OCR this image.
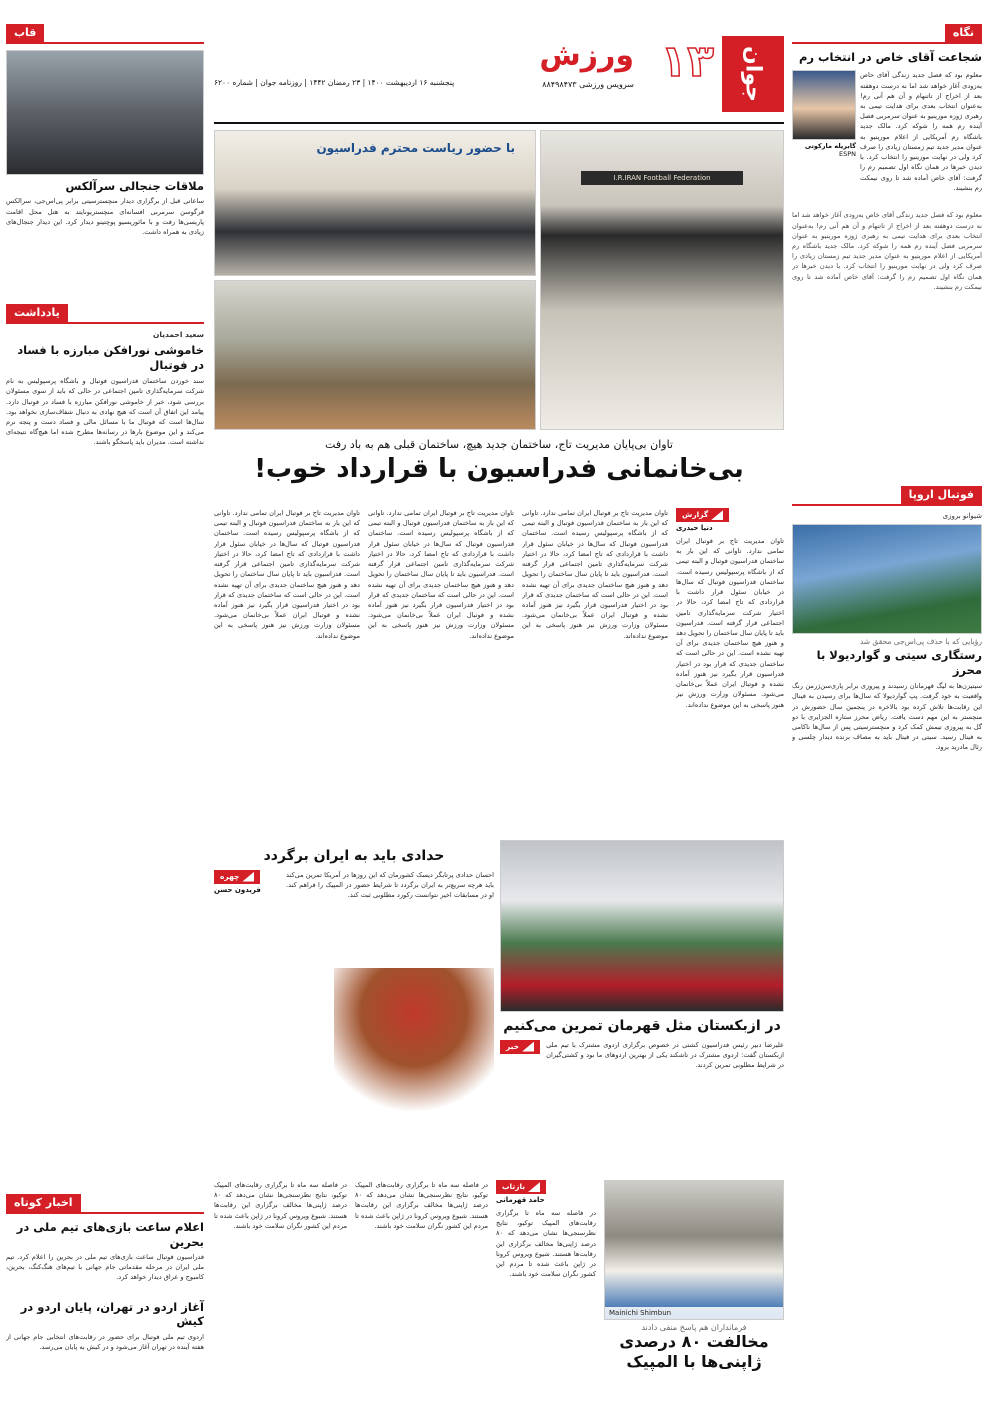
نگاه
شجاعت آقای خاص در انتخاب رم
معلوم بود که فصل جدید زندگی آقای خاص به‌زودی آغاز خواهد شد اما نه درست دوهفته بعد از اخراج از تاتنهام و آن هم آنی رم! به‌عنوان انتخاب بعدی برای هدایت تیمی به رهبری ژوزه مورینیو به عنوان سرمربی فصل آینده رم همه را شوکه کرد. مالک جدید باشگاه رم آمریکایی از اعلام مورینیو به عنوان مدیر جدید تیم زمستان زیادی را صرف کرد ولی در نهایت مورینیو را انتخاب کرد. با دیدن خبرها در همان نگاه اول تصمیم رم را گرفت: آقای خاص آماده شد تا روی نیمکت رم بنشیند.
گابریله مارکوتی
ESPN
معلوم بود که فصل جدید زندگی آقای خاص به‌زودی آغاز خواهد شد اما نه درست دوهفته بعد از اخراج از تاتنهام و آن هم آنی رم! به‌عنوان انتخاب بعدی برای هدایت تیمی به رهبری ژوزه مورینیو به عنوان سرمربی فصل آینده رم همه را شوکه کرد. مالک جدید باشگاه رم آمریکایی از اعلام مورینیو به عنوان مدیر جدید تیم زمستان زیادی را صرف کرد ولی در نهایت مورینیو را انتخاب کرد. با دیدن خبرها در همان نگاه اول تصمیم رم را گرفت: آقای خاص آماده شد تا روی نیمکت رم بنشیند.
فوتبال اروپا
شیوانو بروزی
رؤیایی که با حذف پی‌اس‌جی محقق شد
رستگاری سیتی و گواردیولا با محرز
سیتیزن‌ها به لیگ قهرمانان رسیدند و پیروزی برابر پاری‌سن‌ژرمن رنگ واقعیت به خود گرفت. پپ گواردیولا که سال‌ها برای رسیدن به فینال این رقابت‌ها تلاش کرده بود بالاخره در پنجمین سال حضورش در منچستر به این مهم دست یافت. ریاض محرز ستاره الجزایری با دو گل به پیروزی تیمش کمک کرد و منچسترسیتی پس از سال‌ها ناکامی به فینال رسید. سیتی در فینال باید به مصاف برنده دیدار چلسی و رئال مادرید برود.
قاب
ملاقات جنجالی سرآلکس
ساعاتی قبل از برگزاری دیدار منچسترسیتی برابر پی‌اس‌جی، سرالکس فرگوسن سرمربی افسانه‌ای منچستریونایتد به هتل محل اقامت پاریسی‌ها رفت و با مائوریسیو پوچتینو دیدار کرد. این دیدار جنجال‌های زیادی به همراه داشت.
یادداشت
سعید احمدیان
خاموشی نورافکن مبارزه با فساد در فوتبال
سند خوردن ساختمان فدراسیون فوتبال و باشگاه پرسپولیس به نام شرکت سرمایه‌گذاری تامین اجتماعی در حالی که باید از سوی مسئولان بررسی شود، خبر از خاموشی نورافکن مبارزه با فساد در فوتبال دارد. پیامد این اتفاق آن است که هیچ نهادی به دنبال شفاف‌سازی نخواهد بود. سال‌ها است که فوتبال ما با مسائل مالی و فساد دست و پنجه نرم می‌کند و این موضوع بارها در رسانه‌ها مطرح شده اما هیچ‌گاه نتیجه‌ای نداشته است. مدیران باید پاسخگو باشند.
اخبار کوتاه
اعلام ساعت بازی‌های تیم ملی در بحرین
فدراسیون فوتبال ساعت بازی‌های تیم ملی در بحرین را اعلام کرد. تیم ملی ایران در مرحله مقدماتی جام جهانی با تیم‌های هنگ‌کنگ، بحرین، کامبوج و عراق دیدار خواهد کرد.
آغاز اردو در تهران، پایان اردو در کیش
اردوی تیم ملی فوتبال برای حضور در رقابت‌های انتخابی جام جهانی از هفته آینده در تهران آغاز می‌شود و در کیش به پایان می‌رسد.
جوان
۱۳
ورزش
سرویس ورزشی ۸۸۴۹۸۴۷۳
پنجشنبه ۱۶ اردیبهشت ۱۴۰۰ | ۲۳ رمضان ۱۴۴۲ | روزنامه جوان | شماره ۶۲۰۰
I.R.IRAN Football Federation
با حضور ریاست محترم فدراسیون
تاوان بی‌پایان مدیریت تاج، ساختمان جدید هیچ، ساختمان قبلی هم به باد رفت
بی‌خانمانی فدراسیون با قرارداد خوب!
گزارش
دنیا حیدری
تاوان مدیریت تاج بر فوتبال ایران تمامی ندارد. تاوانی که این بار به ساختمان فدراسیون فوتبال و البته تیمی که از باشگاه پرسپولیس رسیده است. ساختمان فدراسیون فوتبال که سال‌ها در خیابان سئول قرار داشت با قراردادی که تاج امضا کرد، حالا در اختیار شرکت سرمایه‌گذاری تامین اجتماعی قرار گرفته است. فدراسیون باید تا پایان سال ساختمان را تحویل دهد و هنوز هیچ ساختمان جدیدی برای آن تهیه نشده است. این در حالی است که ساختمان جدیدی که قرار بود در اختیار فدراسیون قرار بگیرد نیز هنوز آماده نشده و فوتبال ایران عملاً بی‌خانمان می‌شود. مسئولان وزارت ورزش نیز هنوز پاسخی به این موضوع نداده‌اند.
تاوان مدیریت تاج بر فوتبال ایران تمامی ندارد. تاوانی که این بار به ساختمان فدراسیون فوتبال و البته تیمی که از باشگاه پرسپولیس رسیده است. ساختمان فدراسیون فوتبال که سال‌ها در خیابان سئول قرار داشت با قراردادی که تاج امضا کرد، حالا در اختیار شرکت سرمایه‌گذاری تامین اجتماعی قرار گرفته است. فدراسیون باید تا پایان سال ساختمان را تحویل دهد و هنوز هیچ ساختمان جدیدی برای آن تهیه نشده است. این در حالی است که ساختمان جدیدی که قرار بود در اختیار فدراسیون قرار بگیرد نیز هنوز آماده نشده و فوتبال ایران عملاً بی‌خانمان می‌شود. مسئولان وزارت ورزش نیز هنوز پاسخی به این موضوع نداده‌اند.
تاوان مدیریت تاج بر فوتبال ایران تمامی ندارد. تاوانی که این بار به ساختمان فدراسیون فوتبال و البته تیمی که از باشگاه پرسپولیس رسیده است. ساختمان فدراسیون فوتبال که سال‌ها در خیابان سئول قرار داشت با قراردادی که تاج امضا کرد، حالا در اختیار شرکت سرمایه‌گذاری تامین اجتماعی قرار گرفته است. فدراسیون باید تا پایان سال ساختمان را تحویل دهد و هنوز هیچ ساختمان جدیدی برای آن تهیه نشده است. این در حالی است که ساختمان جدیدی که قرار بود در اختیار فدراسیون قرار بگیرد نیز هنوز آماده نشده و فوتبال ایران عملاً بی‌خانمان می‌شود. مسئولان وزارت ورزش نیز هنوز پاسخی به این موضوع نداده‌اند.
تاوان مدیریت تاج بر فوتبال ایران تمامی ندارد. تاوانی که این بار به ساختمان فدراسیون فوتبال و البته تیمی که از باشگاه پرسپولیس رسیده است. ساختمان فدراسیون فوتبال که سال‌ها در خیابان سئول قرار داشت با قراردادی که تاج امضا کرد، حالا در اختیار شرکت سرمایه‌گذاری تامین اجتماعی قرار گرفته است. فدراسیون باید تا پایان سال ساختمان را تحویل دهد و هنوز هیچ ساختمان جدیدی برای آن تهیه نشده است. این در حالی است که ساختمان جدیدی که قرار بود در اختیار فدراسیون قرار بگیرد نیز هنوز آماده نشده و فوتبال ایران عملاً بی‌خانمان می‌شود. مسئولان وزارت ورزش نیز هنوز پاسخی به این موضوع نداده‌اند.
در ازبکستان مثل قهرمان تمرین می‌کنیم
علیرضا دبیر رئیس فدراسیون کشتی در خصوص برگزاری اردوی مشترک با تیم ملی ازبکستان گفت: اردوی مشترک در تاشکند یکی از بهترین اردوهای ما بود و کشتی‌گیران در شرایط مطلوبی تمرین کردند.
خبر
حدادی باید به ایران برگردد
احسان حدادی پرتابگر دیسک کشورمان که این روزها در آمریکا تمرین می‌کند باید هرچه سریع‌تر به ایران برگردد تا شرایط حضور در المپیک را فراهم کند. او در مسابقات اخیر نتوانست رکورد مطلوبی ثبت کند.
چهره
فریدون حسن
Mainichi Shimbun
فرمانداران هم پاسخ منفی دادند
مخالفت ۸۰ درصدی ژاپنی‌ها با المپیک
بازتاب
حامد قهرمانی
در فاصله سه ماه تا برگزاری رقابت‌های المپیک توکیو، نتایج نظرسنجی‌ها نشان می‌دهد که ۸۰ درصد ژاپنی‌ها مخالف برگزاری این رقابت‌ها هستند. شیوع ویروس کرونا در ژاپن باعث شده تا مردم این کشور نگران سلامت خود باشند.
در فاصله سه ماه تا برگزاری رقابت‌های المپیک توکیو، نتایج نظرسنجی‌ها نشان می‌دهد که ۸۰ درصد ژاپنی‌ها مخالف برگزاری این رقابت‌ها هستند. شیوع ویروس کرونا در ژاپن باعث شده تا مردم این کشور نگران سلامت خود باشند.
در فاصله سه ماه تا برگزاری رقابت‌های المپیک توکیو، نتایج نظرسنجی‌ها نشان می‌دهد که ۸۰ درصد ژاپنی‌ها مخالف برگزاری این رقابت‌ها هستند. شیوع ویروس کرونا در ژاپن باعث شده تا مردم این کشور نگران سلامت خود باشند.
